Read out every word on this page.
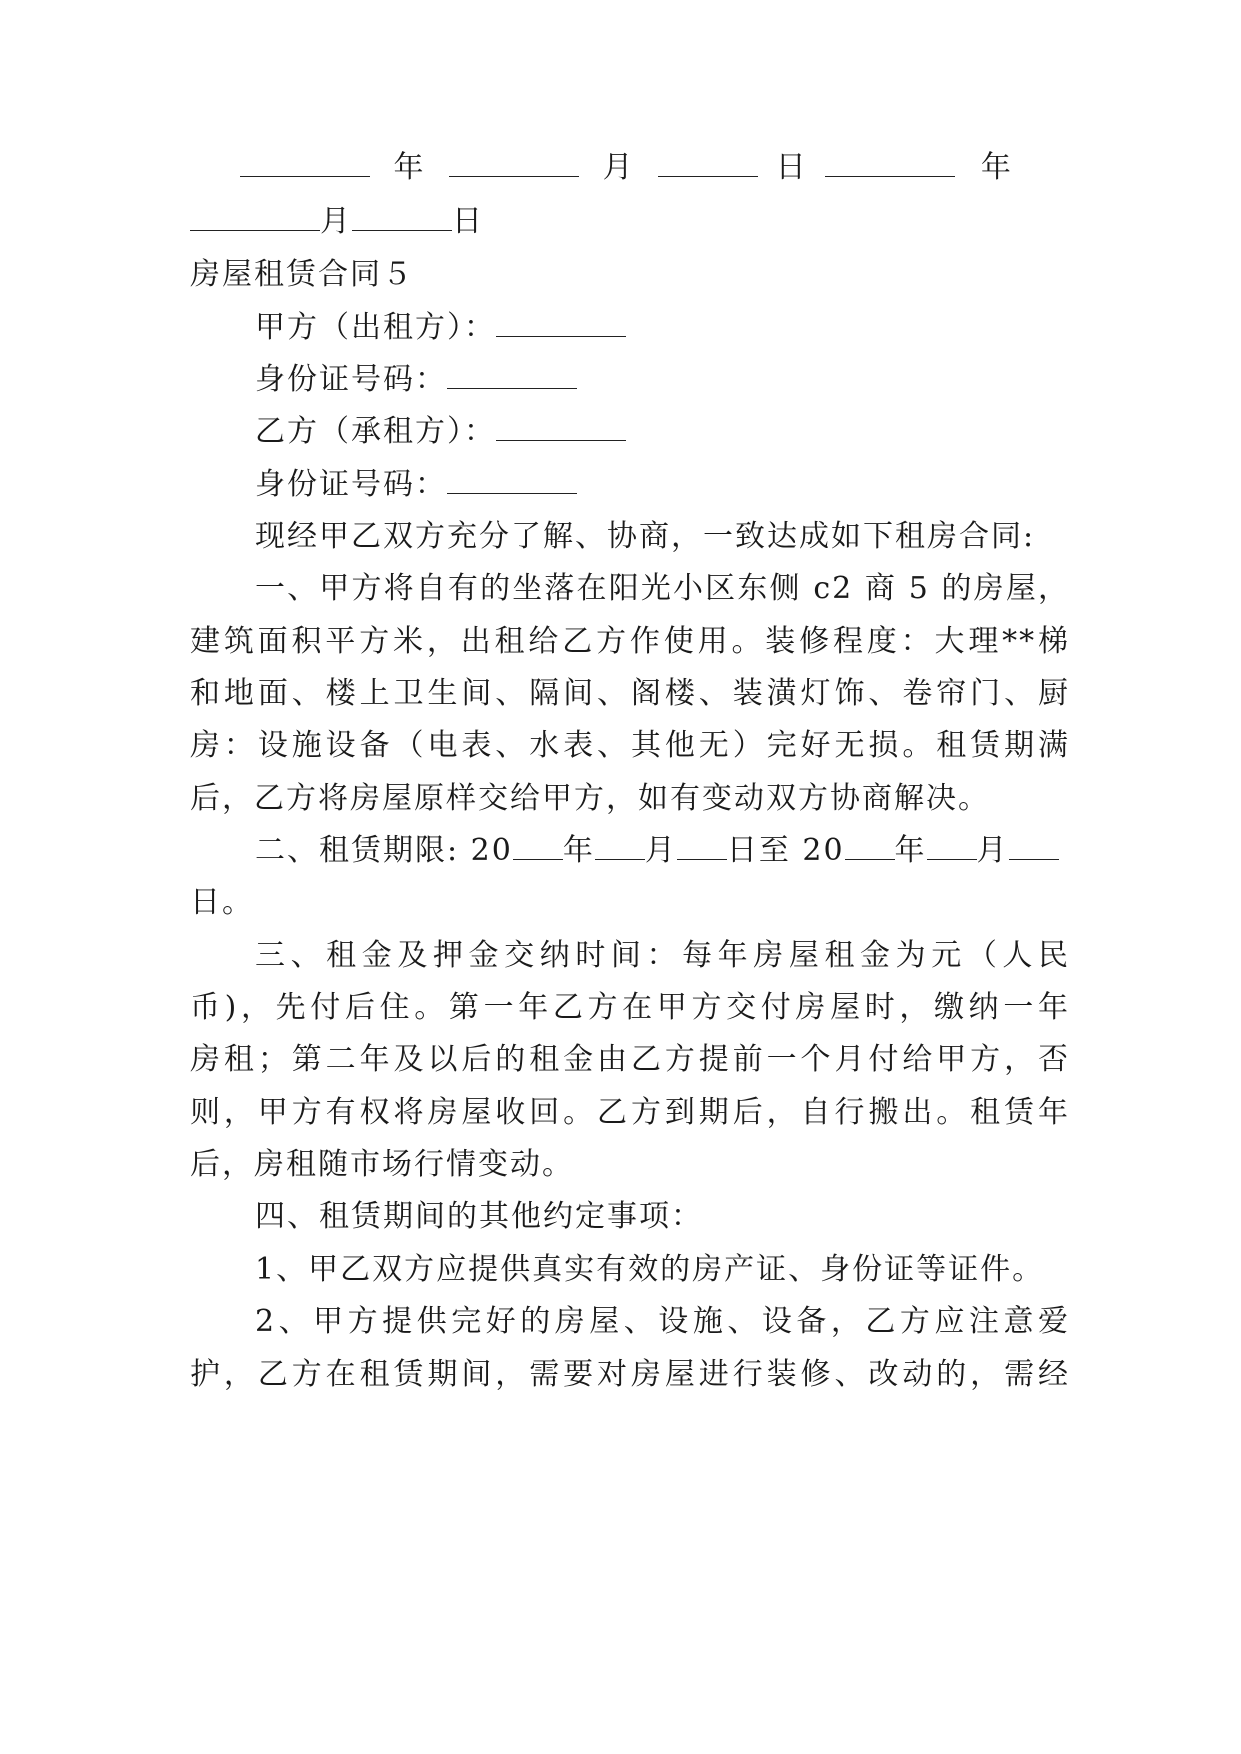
年	月	日	年
月	日
房屋租赁合同５
甲方（出租方）：
身份证号码：
乙方（承租方）：
身份证号码：
现经甲乙双方充分了解、协商，一致达成如下租房合同:
一、甲方将自有的坐落在阳光小区东侧 c2 商 5 的房屋，
建筑面积平方米，出租给乙方作使用。装修程度：大理**梯
和地面、楼上卫生间、隔间、阁楼、装潢灯饰、卷帘门、厨
房：设施设备（电表、水表、其他无）完好无损。租赁期满
后，乙方将房屋原样交给甲方，如有变动双方协商解决。
二、租赁期限: 20 年 月 日至 20 年 月
日。
三、租金及押金交纳时间：每年房屋租金为元（人民
币)，先付后住。第一年乙方在甲方交付房屋时，缴纳一年
房租；第二年及以后的租金由乙方提前一个月付给甲方，否
则，甲方有权将房屋收回。乙方到期后，自行搬出。租赁年
后，房租随市场行情变动。
四、租赁期间的其他约定事项：
1、甲乙双方应提供真实有效的房产证、身份证等证件。
2、甲方提供完好的房屋、设施、设备，乙方应注意爱
护，乙方在租赁期间，需要对房屋进行装修、改动的，需经
